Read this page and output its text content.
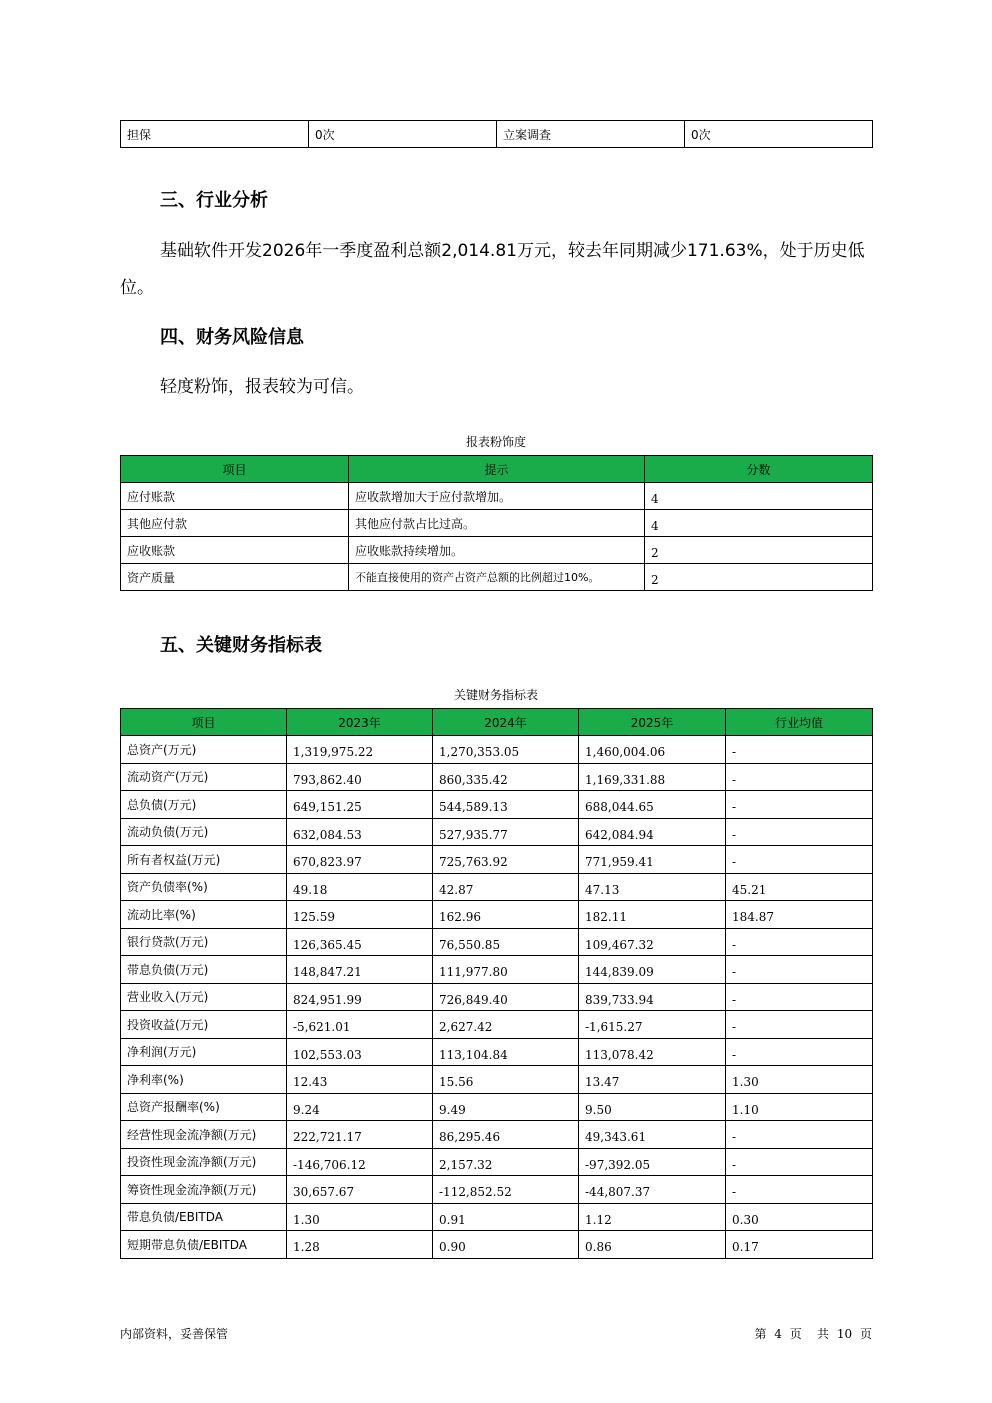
担保	0次	立案调查	0次
三、行业分析
基础软件开发2026年一季度盈利总额2,014.81万元，较去年同期减少171.63%，处于历史低
位。
四、财务风险信息
轻度粉饰，报表较为可信。
报表粉饰度
项目	提示	分数
应付账款	应收款增加大于应付款增加。	4
其他应付款	其他应付款占比过高。	4
应收账款	应收账款持续增加。	2
资产质量	不能直接使用的资产占资产总额的比例超过10%。	2
五、关键财务指标表
关键财务指标表
项目	2023年	2024年	2025年	行业均值
总资产(万元)	1,319,975.22	1,270,353.05	1,460,004.06	-
流动资产(万元)	793,862.40	860,335.42	1,169,331.88	-
总负债(万元)	649,151.25	544,589.13	688,044.65	-
流动负债(万元)	632,084.53	527,935.77	642,084.94	-
所有者权益(万元)	670,823.97	725,763.92	771,959.41	-
资产负债率(%)	49.18	42.87	47.13	45.21
流动比率(%)	125.59	162.96	182.11	184.87
银行贷款(万元)	126,365.45	76,550.85	109,467.32	-
带息负债(万元)	148,847.21	111,977.80	144,839.09	-
营业收入(万元)	824,951.99	726,849.40	839,733.94	-
投资收益(万元)	-5,621.01	2,627.42	-1,615.27	-
净利润(万元)	102,553.03	113,104.84	113,078.42	-
净利率(%)	12.43	15.56	13.47	1.30
总资产报酬率(%)	9.24	9.49	9.50	1.10
经营性现金流净额(万元)	222,721.17	86,295.46	49,343.61	-
投资性现金流净额(万元)	-146,706.12	2,157.32	-97,392.05	-
筹资性现金流净额(万元)	30,657.67	-112,852.52	-44,807.37	-
带息负债/EBITDA	1.30	0.91	1.12	0.30
短期带息负债/EBITDA	1.28	0.90	0.86	0.17
内部资料，妥善保管	第 4 页 共 10 页
